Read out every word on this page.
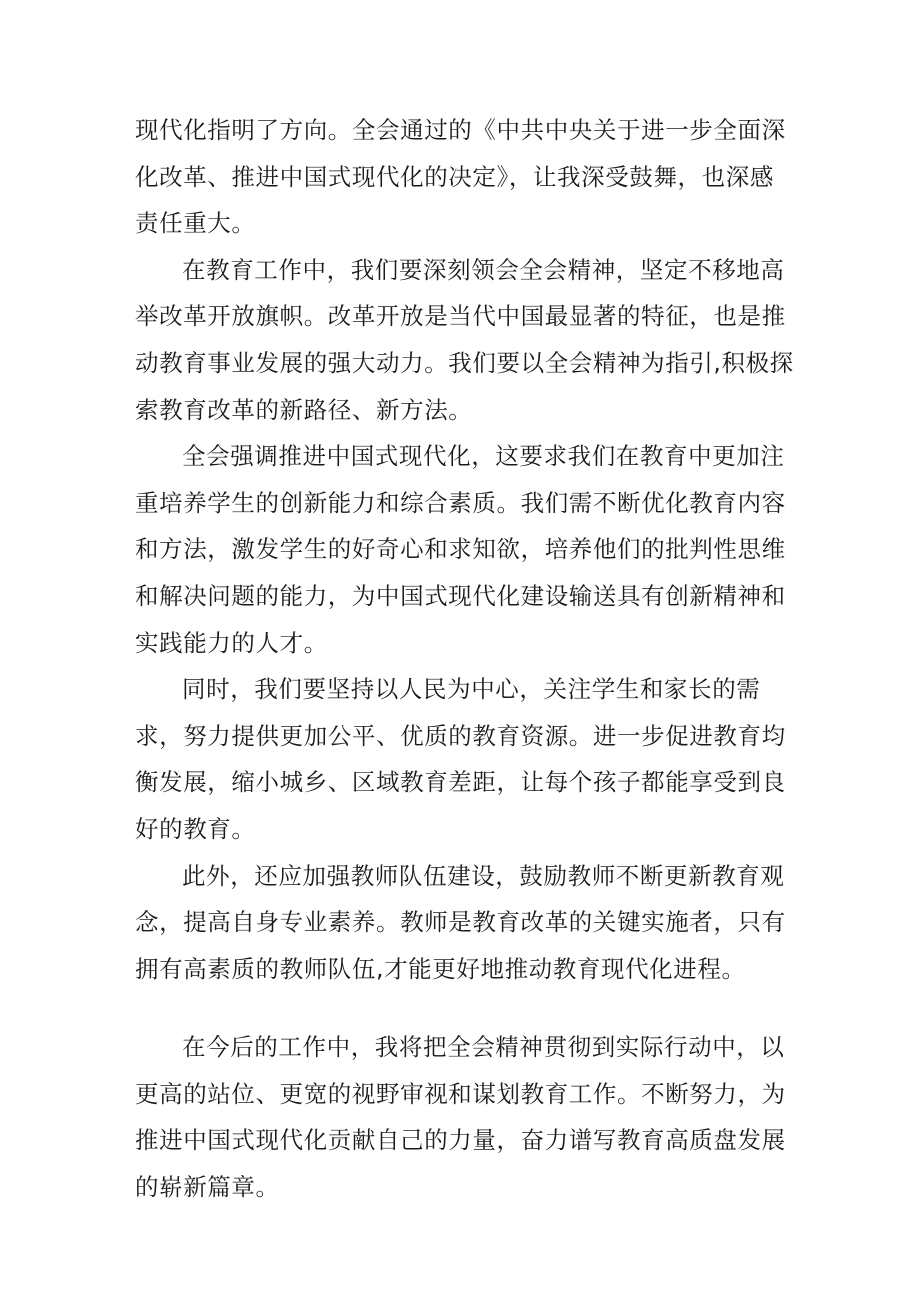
现代化指明了方向。全会通过的《中共中央关于进一步全面深化改革、推进中国式现代化的决定》，让我深受鼓舞，也深感责任重大。

在教育工作中，我们要深刻领会全会精神，坚定不移地高举改革开放旗帜。改革开放是当代中国最显著的特征，也是推动教育事业发展的强大动力。我们要以全会精神为指引,积极探索教育改革的新路径、新方法。

全会强调推进中国式现代化，这要求我们在教育中更加注重培养学生的创新能力和综合素质。我们需不断优化教育内容和方法，激发学生的好奇心和求知欲，培养他们的批判性思维和解决问题的能力，为中国式现代化建设输送具有创新精神和实践能力的人才。

同时，我们要坚持以人民为中心，关注学生和家长的需求，努力提供更加公平、优质的教育资源。进一步促进教育均衡发展，缩小城乡、区域教育差距，让每个孩子都能享受到良好的教育。

此外，还应加强教师队伍建设，鼓励教师不断更新教育观念，提高自身专业素养。教师是教育改革的关键实施者，只有拥有高素质的教师队伍,才能更好地推动教育现代化进程。

在今后的工作中，我将把全会精神贯彻到实际行动中，以更高的站位、更宽的视野审视和谋划教育工作。不断努力，为推进中国式现代化贡献自己的力量，奋力谱写教育高质盘发展的崭新篇章。
